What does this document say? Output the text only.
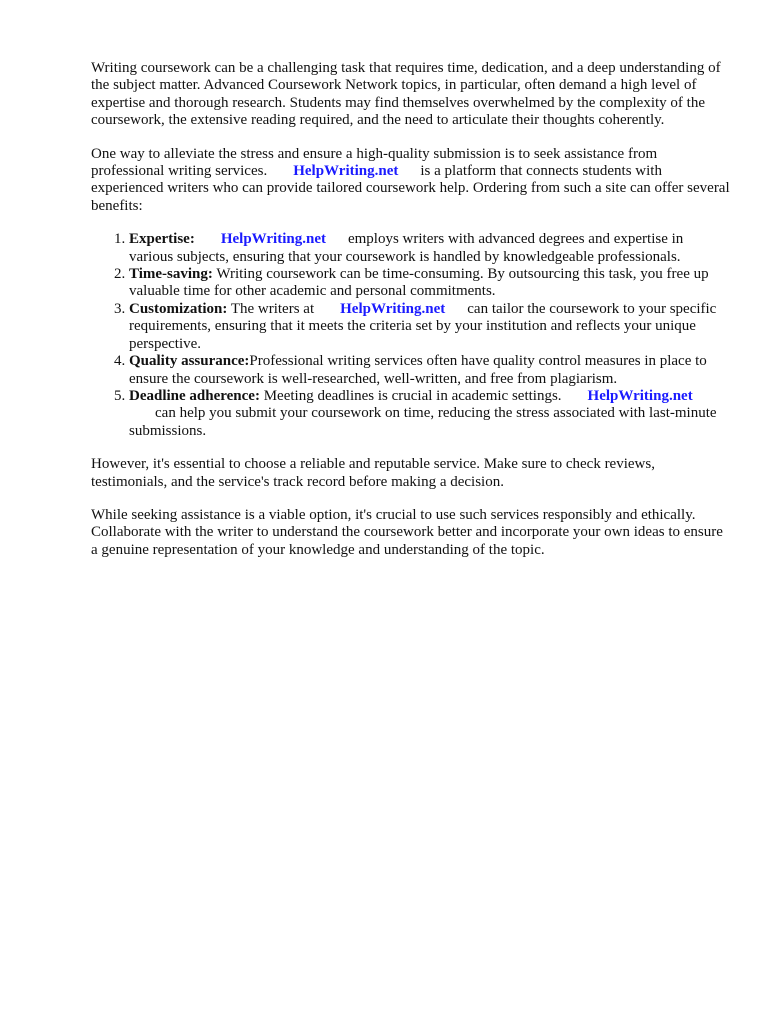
Writing coursework can be a challenging task that requires time, dedication, and a deep understanding of the subject matter. Advanced Coursework Network topics, in particular, often demand a high level of expertise and thorough research. Students may find themselves overwhelmed by the complexity of the coursework, the extensive reading required, and the need to articulate their thoughts coherently.

One way to alleviate the stress and ensure a high-quality submission is to seek assistance from professional writing services. HelpWriting.net is a platform that connects students with experienced writers who can provide tailored coursework help. Ordering from such a site can offer several benefits:

1. Expertise: HelpWriting.net employs writers with advanced degrees and expertise in various subjects, ensuring that your coursework is handled by knowledgeable professionals.
2. Time-saving: Writing coursework can be time-consuming. By outsourcing this task, you free up valuable time for other academic and personal commitments.
3. Customization: The writers at HelpWriting.net can tailor the coursework to your specific requirements, ensuring that it meets the criteria set by your institution and reflects your unique perspective.
4. Quality assurance:Professional writing services often have quality control measures in place to ensure the coursework is well-researched, well-written, and free from plagiarism.
5. Deadline adherence: Meeting deadlines is crucial in academic settings. HelpWriting.net
can help you submit your coursework on time, reducing the stress associated with last-minute submissions.

However, it's essential to choose a reliable and reputable service. Make sure to check reviews, testimonials, and the service's track record before making a decision.

While seeking assistance is a viable option, it's crucial to use such services responsibly and ethically. Collaborate with the writer to understand the coursework better and incorporate your own ideas to ensure a genuine representation of your knowledge and understanding of the topic.
